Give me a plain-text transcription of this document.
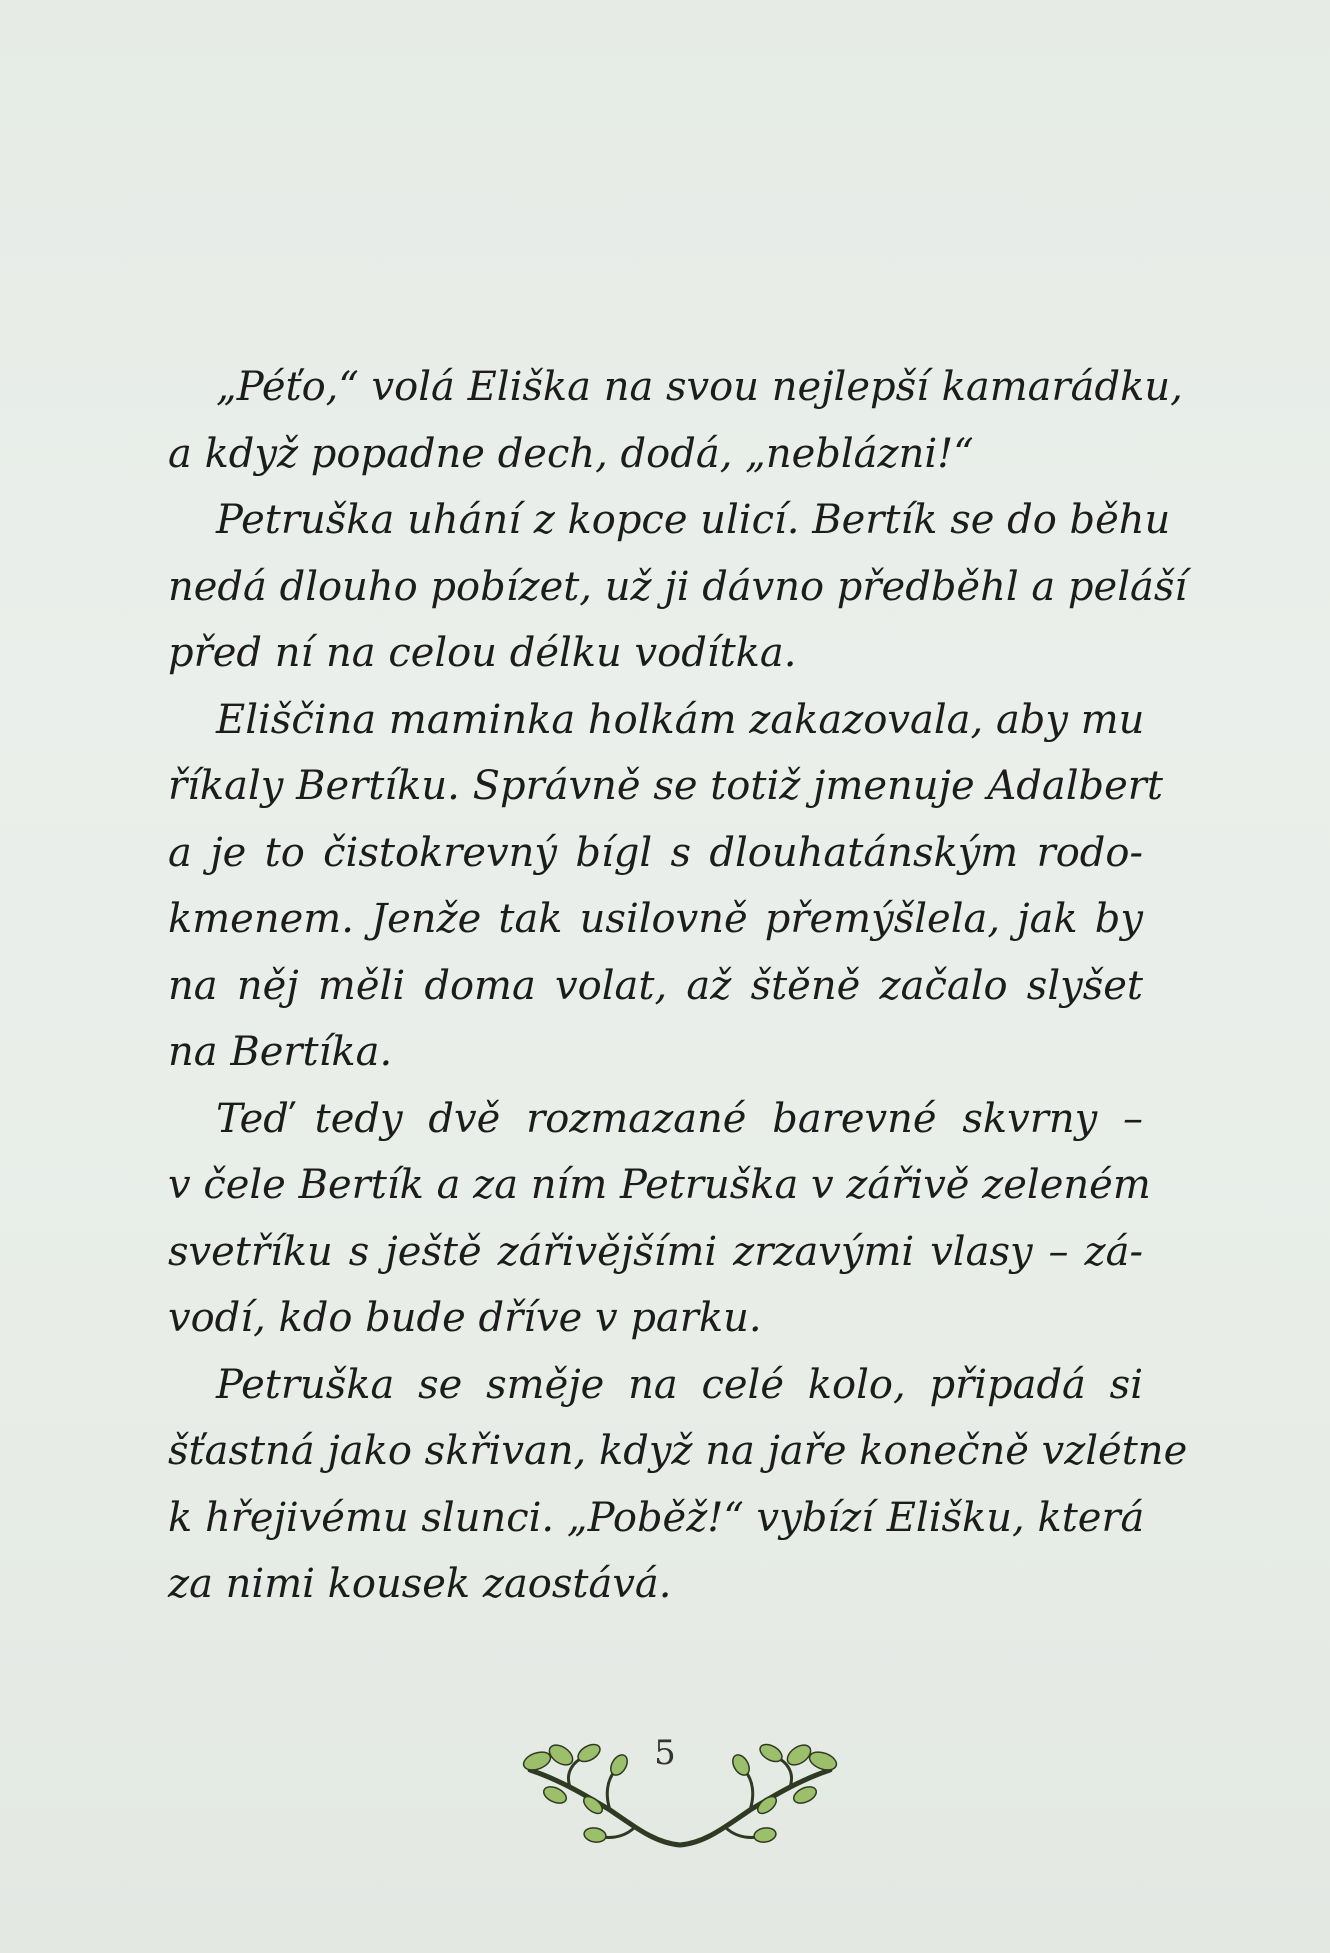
„Péťo,“ volá Eliška na svou nejlepší kamarádku,
a když popadne dech, dodá, „neblázni!“
Petruška uhání z kopce ulicí. Bertík se do běhu
nedá dlouho pobízet, už ji dávno předběhl a peláší
před ní na celou délku vodítka.
Eliščina maminka holkám zakazovala, aby mu
říkaly Bertíku. Správně se totiž jmenuje Adalbert
a je to čistokrevný bígl s dlouhatánským rodo-
kmenem. Jenže tak usilovně přemýšlela, jak by
na něj měli doma volat, až štěně začalo slyšet
na Bertíka.
Teď tedy dvě rozmazané barevné skvrny –
v čele Bertík a za ním Petruška v zářivě zeleném
svetříku s ještě zářivějšími zrzavými vlasy – zá-
vodí, kdo bude dříve v parku.
Petruška se směje na celé kolo, připadá si
šťastná jako skřivan, když na jaře konečně vzlétne
k hřejivému slunci. „Poběž!“ vybízí Elišku, která
za nimi kousek zaostává.
5
